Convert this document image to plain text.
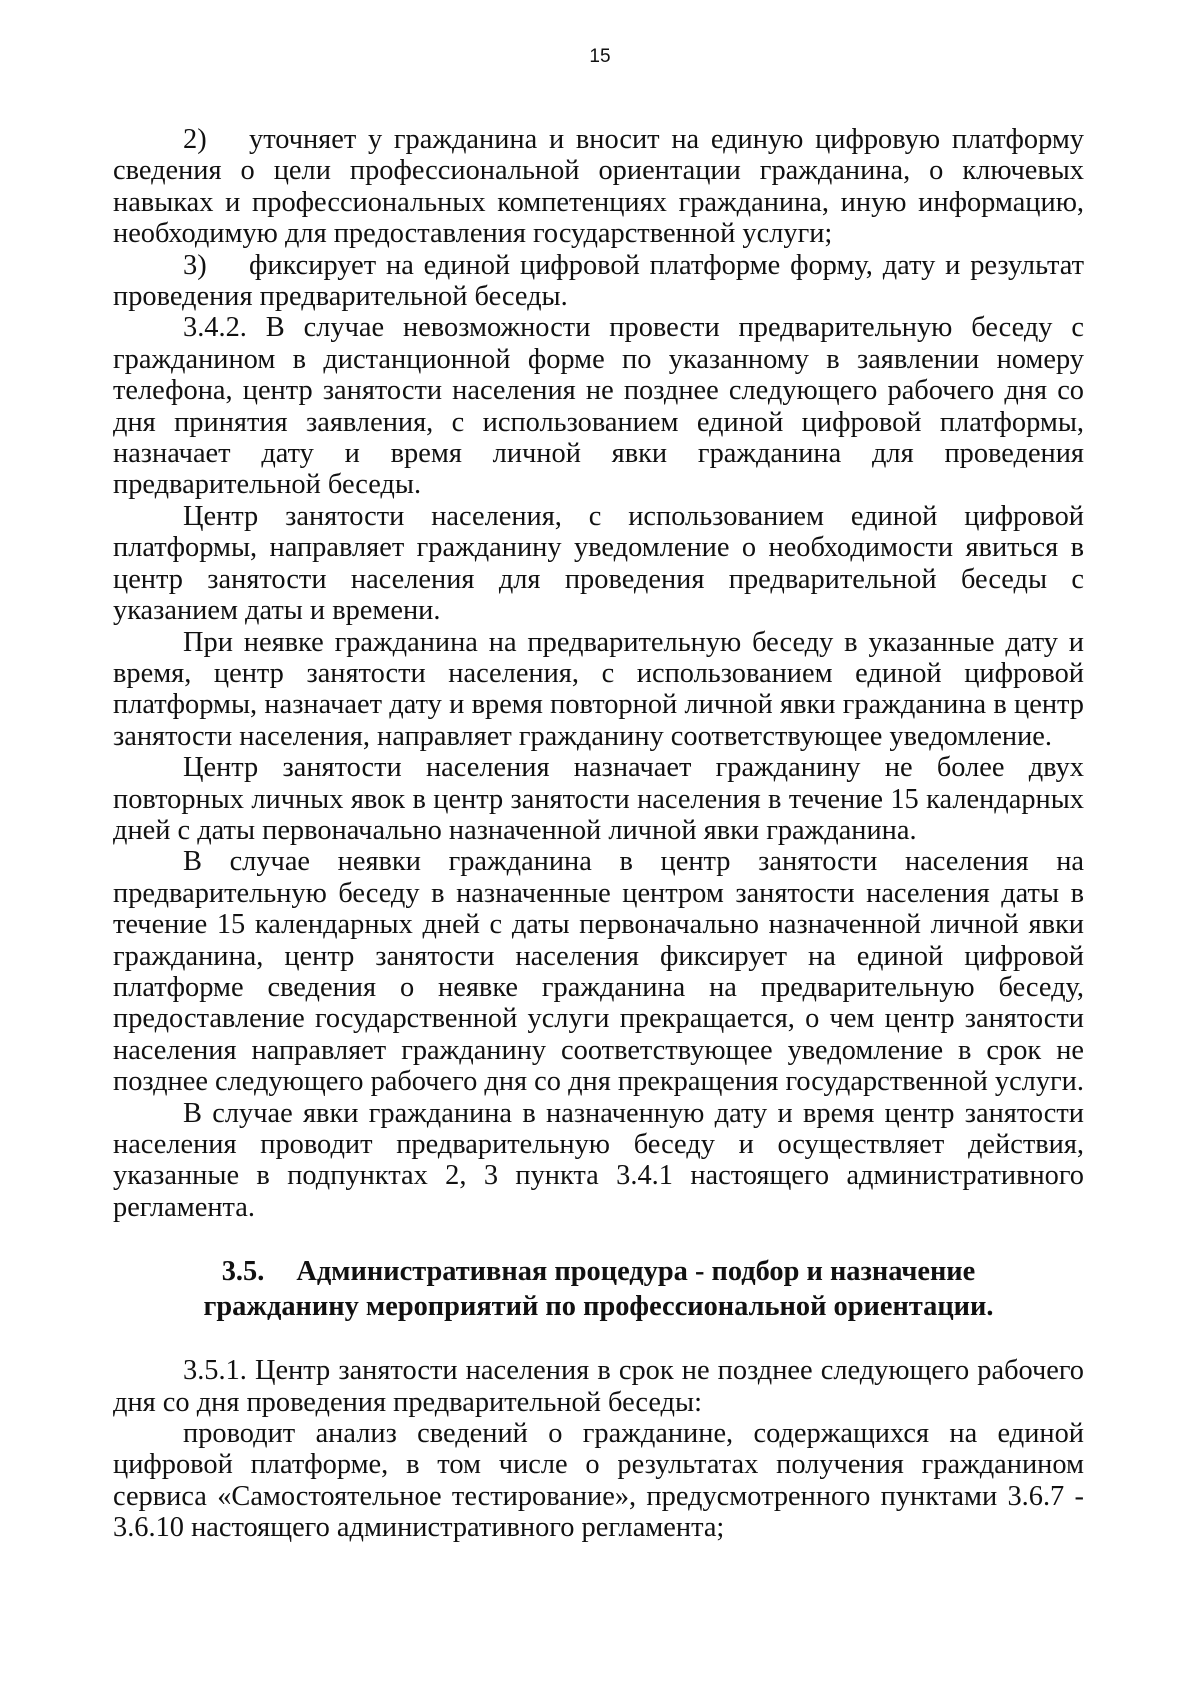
15

2) уточняет у гражданина и вносит на единую цифровую платформу сведения о цели профессиональной ориентации гражданина, о ключевых навыках и профессиональных компетенциях гражданина, иную информацию, необходимую для предоставления государственной услуги;

3) фиксирует на единой цифровой платформе форму, дату и результат проведения предварительной беседы.

3.4.2. В случае невозможности провести предварительную беседу с гражданином в дистанционной форме по указанному в заявлении номеру телефона, центр занятости населения не позднее следующего рабочего дня со дня принятия заявления, с использованием единой цифровой платформы, назначает дату и время личной явки гражданина для проведения предварительной беседы.

Центр занятости населения, с использованием единой цифровой платформы, направляет гражданину уведомление о необходимости явиться в центр занятости населения для проведения предварительной беседы с указанием даты и времени.

При неявке гражданина на предварительную беседу в указанные дату и время, центр занятости населения, с использованием единой цифровой платформы, назначает дату и время повторной личной явки гражданина в центр занятости населения, направляет гражданину соответствующее уведомление.

Центр занятости населения назначает гражданину не более двух повторных личных явок в центр занятости населения в течение 15 календарных дней с даты первоначально назначенной личной явки гражданина.

В случае неявки гражданина в центр занятости населения на предварительную беседу в назначенные центром занятости населения даты в течение 15 календарных дней с даты первоначально назначенной личной явки гражданина, центр занятости населения фиксирует на единой цифровой платформе сведения о неявке гражданина на предварительную беседу, предоставление государственной услуги прекращается, о чем центр занятости населения направляет гражданину соответствующее уведомление в срок не позднее следующего рабочего дня со дня прекращения государственной услуги.

В случае явки гражданина в назначенную дату и время центр занятости населения проводит предварительную беседу и осуществляет действия, указанные в подпунктах 2, 3 пункта 3.4.1 настоящего административного регламента.

3.5. Административная процедура - подбор и назначение
гражданину мероприятий по профессиональной ориентации.

3.5.1. Центр занятости населения в срок не позднее следующего рабочего дня со дня проведения предварительной беседы:

проводит анализ сведений о гражданине, содержащихся на единой цифровой платформе, в том числе о результатах получения гражданином сервиса «Самостоятельное тестирование», предусмотренного пунктами 3.6.7 - 3.6.10 настоящего административного регламента;
